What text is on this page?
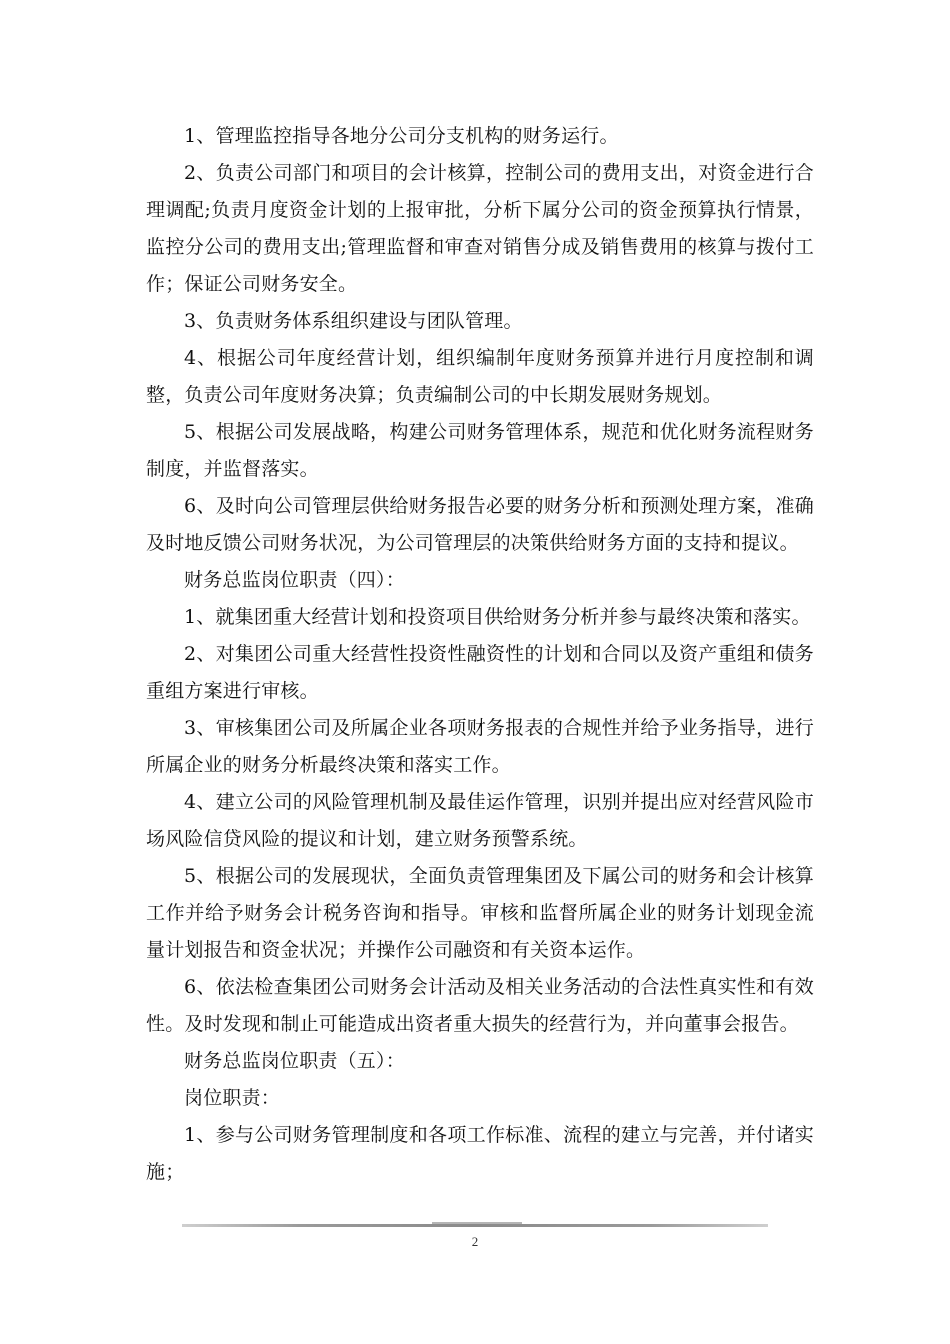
1、管理监控指导各地分公司分支机构的财务运行。

2、负责公司部门和项目的会计核算，控制公司的费用支出，对资金进行合理调配;负责月度资金计划的上报审批，分析下属分公司的资金预算执行情景，监控分公司的费用支出;管理监督和审查对销售分成及销售费用的核算与拨付工作；保证公司财务安全。

3、负责财务体系组织建设与团队管理。

4、根据公司年度经营计划，组织编制年度财务预算并进行月度控制和调整，负责公司年度财务决算；负责编制公司的中长期发展财务规划。

5、根据公司发展战略，构建公司财务管理体系，规范和优化财务流程财务制度，并监督落实。

6、及时向公司管理层供给财务报告必要的财务分析和预测处理方案，准确及时地反馈公司财务状况，为公司管理层的决策供给财务方面的支持和提议。

财务总监岗位职责（四）：

1、就集团重大经营计划和投资项目供给财务分析并参与最终决策和落实。

2、对集团公司重大经营性投资性融资性的计划和合同以及资产重组和债务重组方案进行审核。

3、审核集团公司及所属企业各项财务报表的合规性并给予业务指导，进行所属企业的财务分析最终决策和落实工作。

4、建立公司的风险管理机制及最佳运作管理，识别并提出应对经营风险市场风险信贷风险的提议和计划，建立财务预警系统。

5、根据公司的发展现状，全面负责管理集团及下属公司的财务和会计核算工作并给予财务会计税务咨询和指导。审核和监督所属企业的财务计划现金流量计划报告和资金状况；并操作公司融资和有关资本运作。

6、依法检查集团公司财务会计活动及相关业务活动的合法性真实性和有效性。及时发现和制止可能造成出资者重大损失的经营行为，并向董事会报告。

财务总监岗位职责（五）：

岗位职责：

1、参与公司财务管理制度和各项工作标准、流程的建立与完善，并付诸实施；

2
